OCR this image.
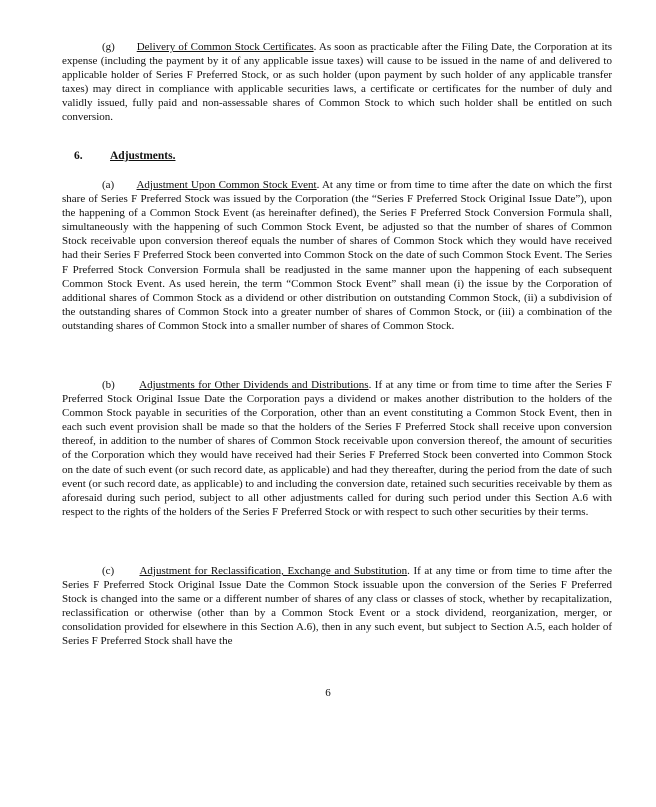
(g) Delivery of Common Stock Certificates. As soon as practicable after the Filing Date, the Corporation at its expense (including the payment by it of any applicable issue taxes) will cause to be issued in the name of and delivered to applicable holder of Series F Preferred Stock, or as such holder (upon payment by such holder of any applicable transfer taxes) may direct in compliance with applicable securities laws, a certificate or certificates for the number of duly and validly issued, fully paid and non-assessable shares of Common Stock to which such holder shall be entitled on such conversion.

6. Adjustments.

(a) Adjustment Upon Common Stock Event. At any time or from time to time after the date on which the first share of Series F Preferred Stock was issued by the Corporation (the “Series F Preferred Stock Original Issue Date”), upon the happening of a Common Stock Event (as hereinafter defined), the Series F Preferred Stock Conversion Formula shall, simultaneously with the happening of such Common Stock Event, be adjusted so that the number of shares of Common Stock receivable upon conversion thereof equals the number of shares of Common Stock which they would have received had their Series F Preferred Stock been converted into Common Stock on the date of such Common Stock Event. The Series F Preferred Stock Conversion Formula shall be readjusted in the same manner upon the happening of each subsequent Common Stock Event. As used herein, the term “Common Stock Event” shall mean (i) the issue by the Corporation of additional shares of Common Stock as a dividend or other distribution on outstanding Common Stock, (ii) a subdivision of the outstanding shares of Common Stock into a greater number of shares of Common Stock, or (iii) a combination of the outstanding shares of Common Stock into a smaller number of shares of Common Stock.

(b) Adjustments for Other Dividends and Distributions. If at any time or from time to time after the Series F Preferred Stock Original Issue Date the Corporation pays a dividend or makes another distribution to the holders of the Common Stock payable in securities of the Corporation, other than an event constituting a Common Stock Event, then in each such event provision shall be made so that the holders of the Series F Preferred Stock shall receive upon conversion thereof, in addition to the number of shares of Common Stock receivable upon conversion thereof, the amount of securities of the Corporation which they would have received had their Series F Preferred Stock been converted into Common Stock on the date of such event (or such record date, as applicable) and had they thereafter, during the period from the date of such event (or such record date, as applicable) to and including the conversion date, retained such securities receivable by them as aforesaid during such period, subject to all other adjustments called for during such period under this Section A.6 with respect to the rights of the holders of the Series F Preferred Stock or with respect to such other securities by their terms.

(c) Adjustment for Reclassification, Exchange and Substitution. If at any time or from time to time after the Series F Preferred Stock Original Issue Date the Common Stock issuable upon the conversion of the Series F Preferred Stock is changed into the same or a different number of shares of any class or classes of stock, whether by recapitalization, reclassification or otherwise (other than by a Common Stock Event or a stock dividend, reorganization, merger, or consolidation provided for elsewhere in this Section A.6), then in any such event, but subject to Section A.5, each holder of Series F Preferred Stock shall have the

6
